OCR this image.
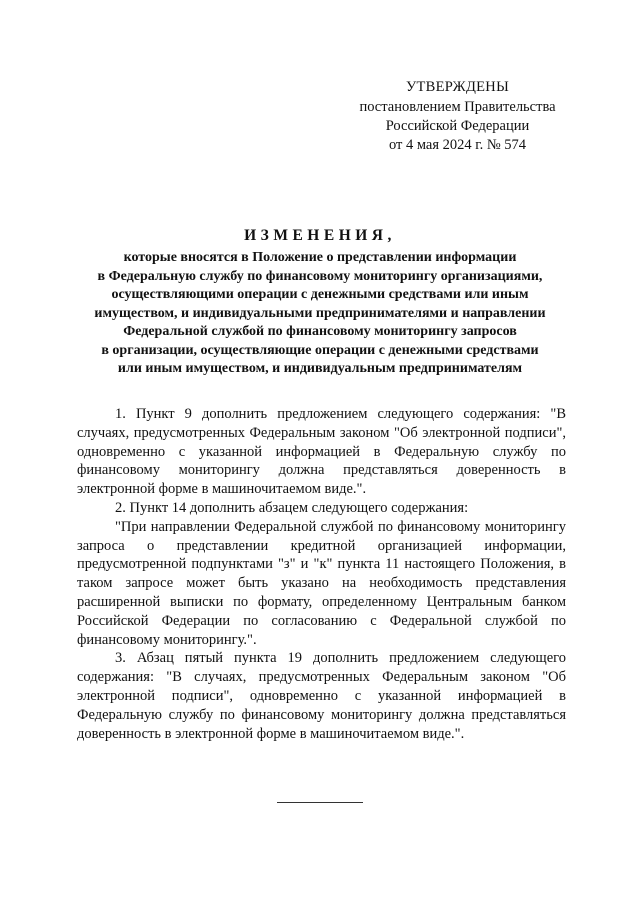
УТВЕРЖДЕНЫ
постановлением Правительства
Российской Федерации
от 4 мая 2024 г. № 574
ИЗМЕНЕНИЯ,
которые вносятся в Положение о представлении информации
в Федеральную службу по финансовому мониторингу организациями,
осуществляющими операции с денежными средствами или иным
имуществом, и индивидуальными предпринимателями и направлении
Федеральной службой по финансовому мониторингу запросов
в организации, осуществляющие операции с денежными средствами
или иным имуществом, и индивидуальным предпринимателям

1. Пункт 9 дополнить предложением следующего содержания: "В случаях, предусмотренных Федеральным законом "Об электронной подписи", одновременно с указанной информацией в Федеральную службу по финансовому мониторингу должна представляться доверенность в электронной форме в машиночитаемом виде.".

2. Пункт 14 дополнить абзацем следующего содержания:

"При направлении Федеральной службой по финансовому мониторингу запроса о представлении кредитной организацией информации, предусмотренной подпунктами "з" и "к" пункта 11 настоящего Положения, в таком запросе может быть указано на необходимость представления расширенной выписки по формату, определенному Центральным банком Российской Федерации по согласованию с Федеральной службой по финансовому мониторингу.".

3. Абзац пятый пункта 19 дополнить предложением следующего содержания: "В случаях, предусмотренных Федеральным законом "Об электронной подписи", одновременно с указанной информацией в Федеральную службу по финансовому мониторингу должна представляться доверенность в электронной форме в машиночитаемом виде.".
